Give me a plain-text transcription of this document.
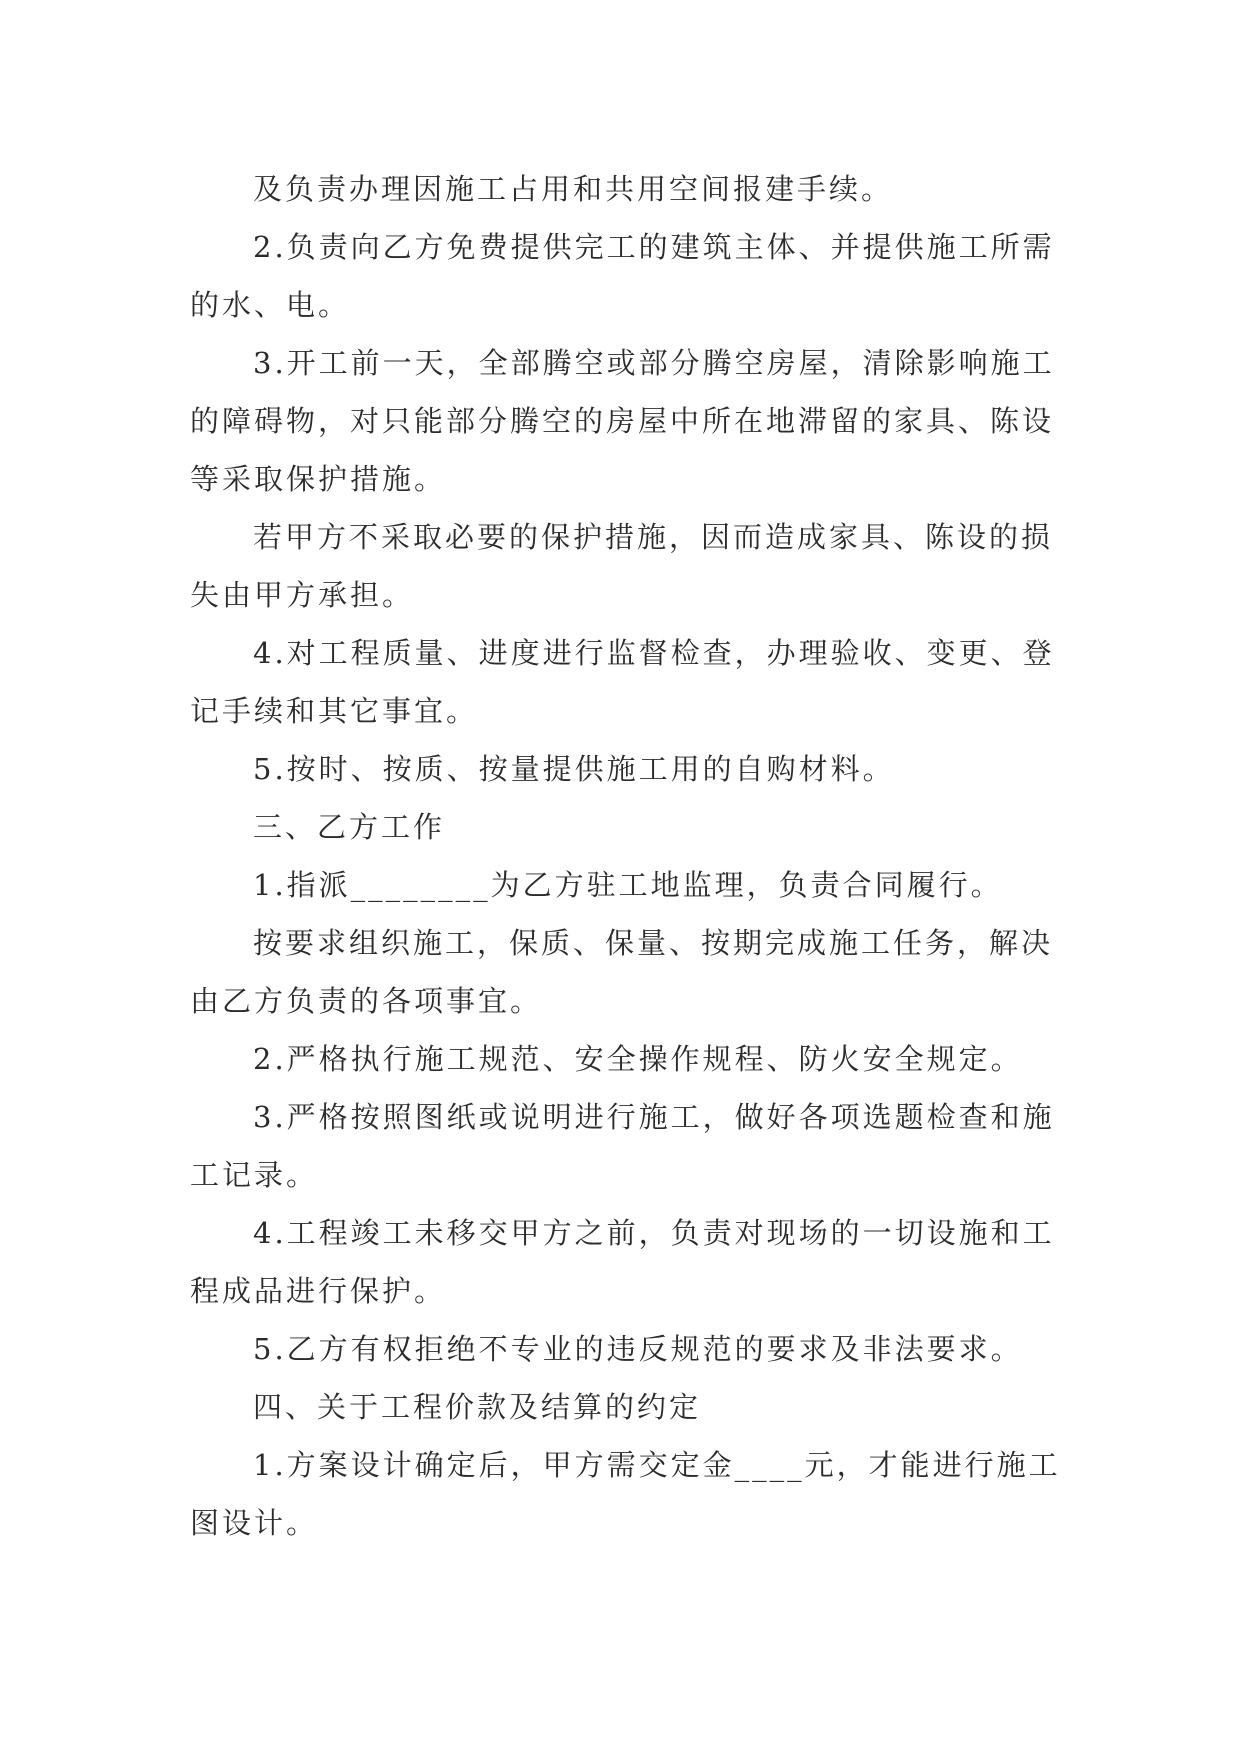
及负责办理因施工占用和共用空间报建手续。

2.负责向乙方免费提供完工的建筑主体、并提供施工所需的水、电。

3.开工前一天，全部腾空或部分腾空房屋，清除影响施工的障碍物，对只能部分腾空的房屋中所在地滞留的家具、陈设等采取保护措施。

若甲方不采取必要的保护措施，因而造成家具、陈设的损失由甲方承担。

4.对工程质量、进度进行监督检查，办理验收、变更、登记手续和其它事宜。

5.按时、按质、按量提供施工用的自购材料。

三、乙方工作

1.指派________为乙方驻工地监理，负责合同履行。

按要求组织施工，保质、保量、按期完成施工任务，解决由乙方负责的各项事宜。

2.严格执行施工规范、安全操作规程、防火安全规定。

3.严格按照图纸或说明进行施工，做好各项选题检查和施工记录。

4.工程竣工未移交甲方之前，负责对现场的一切设施和工程成品进行保护。

5.乙方有权拒绝不专业的违反规范的要求及非法要求。

四、关于工程价款及结算的约定

1.方案设计确定后，甲方需交定金____元，才能进行施工图设计。
